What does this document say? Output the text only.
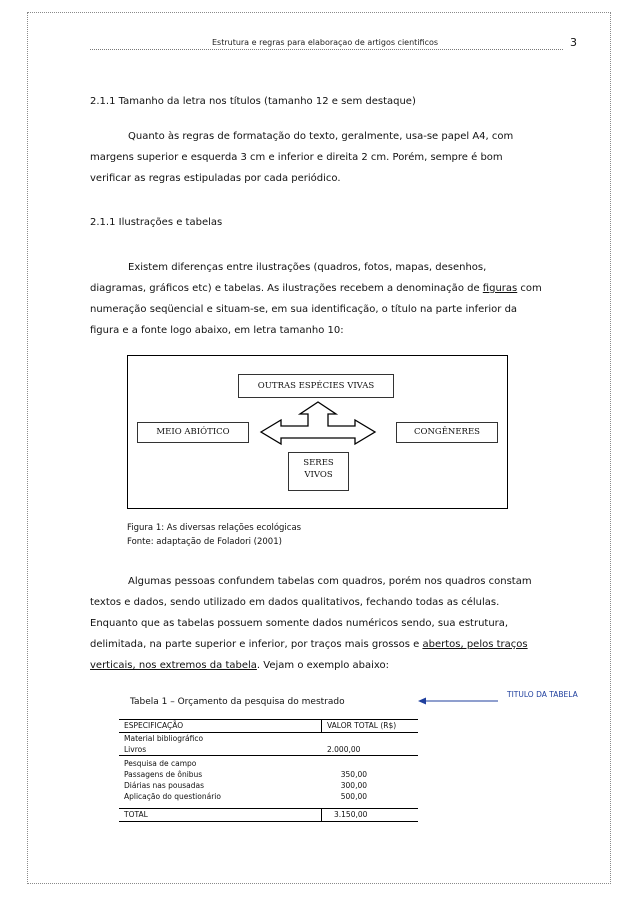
Estrutura e regras para elaboraçao de artigos cientificos	3
2.1.1 Tamanho da letra nos títulos (tamanho 12 e sem destaque)

Quanto às regras de formatação do texto, geralmente, usa-se papel A4, com
margens superior e esquerda 3 cm e inferior e direita 2 cm. Porém, sempre é bom
verificar as regras estipuladas por cada periódico.

2.1.1 Ilustrações e tabelas

Existem diferenças entre ilustrações (quadros, fotos, mapas, desenhos,
diagramas, gráficos etc) e tabelas. As ilustrações recebem a denominação de figuras com
numeração seqüencial e situam-se, em sua identificação, o título na parte inferior da
figura e a fonte logo abaixo, em letra tamanho 10:

OUTRAS ESPÉCIES VIVAS
MEIO ABIÓTICO	CONGÊNERES
SERES
VIVOS
Figura 1: As diversas relações ecológicas
Fonte: adaptação de Foladori (2001)

Algumas pessoas confundem tabelas com quadros, porém nos quadros constam
textos e dados, sendo utilizado em dados qualitativos, fechando todas as células.
Enquanto que as tabelas possuem somente dados numéricos sendo, sua estrutura,
delimitada, na parte superior e inferior, por traços mais grossos e abertos, pelos traços
verticais, nos extremos da tabela. Vejam o exemplo abaixo:

Tabela 1 – Orçamento da pesquisa do mestrado
TITULO DA TABELA
ESPECIFICAÇÃO	VALOR TOTAL (R$)
Material bibliográfico
Livros	2.000,00
Pesquisa de campo
Passagens de ônibus	350,00
Diárias nas pousadas	300,00
Aplicação do questionário	500,00
TOTAL	3.150,00
